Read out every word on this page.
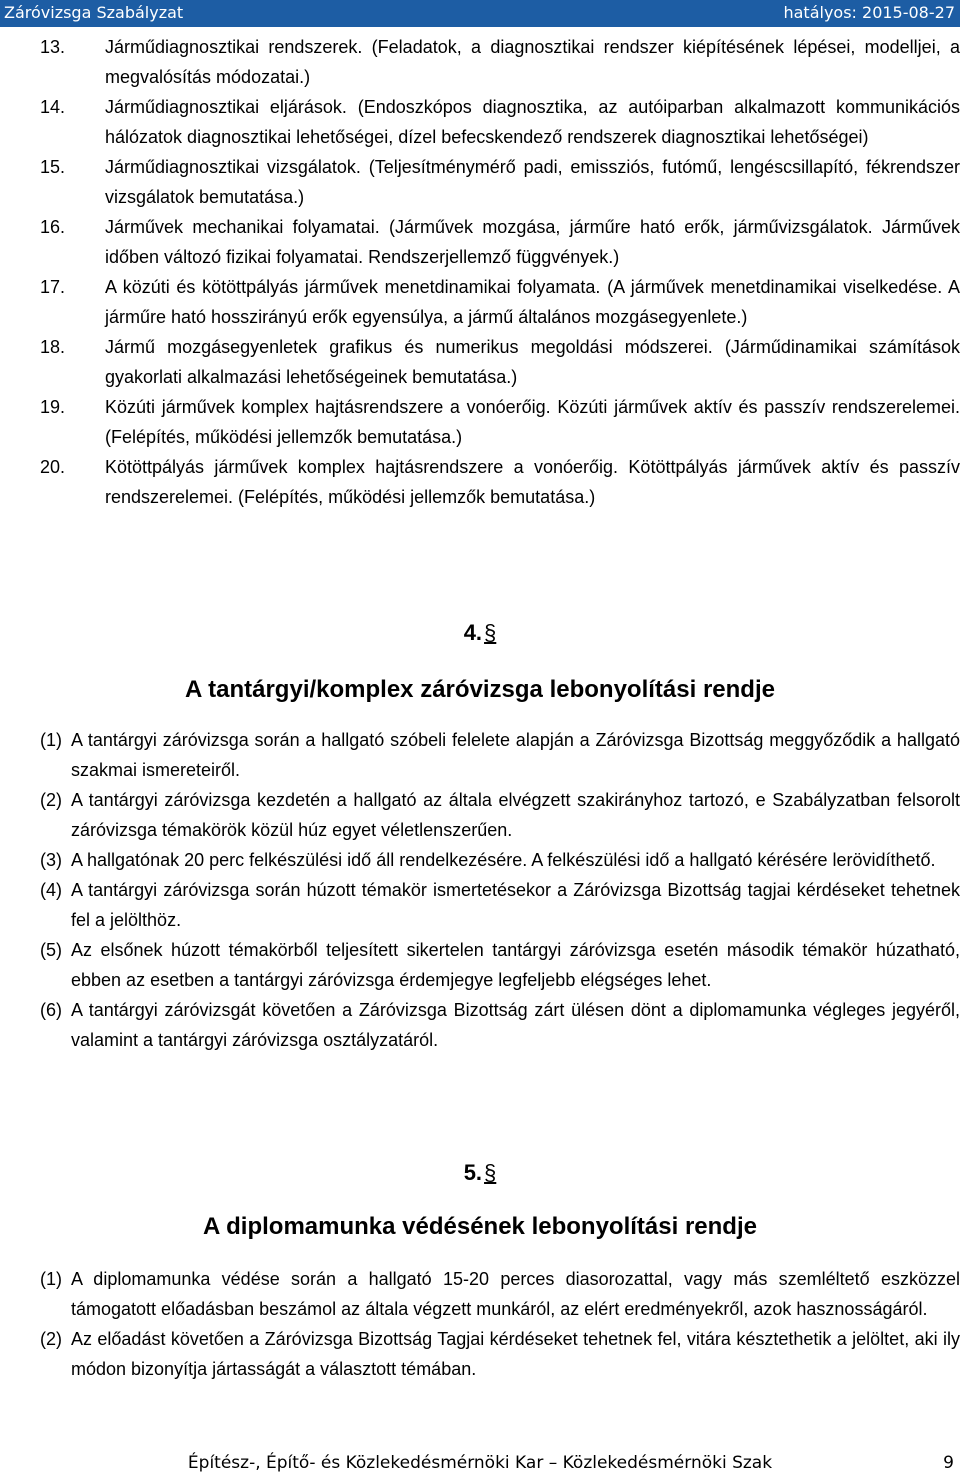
Záróvizsga Szabályzat	hatályos: 2015-08-27
13.	Járműdiagnosztikai rendszerek. (Feladatok, a diagnosztikai rendszer kiépítésének lépései, modelljei, a megvalósítás módozatai.)
14.	Járműdiagnosztikai eljárások. (Endoszkópos diagnosztika, az autóiparban alkalmazott kommunikációs hálózatok diagnosztikai lehetőségei, dízel befecskendező rendszerek diagnosztikai lehetőségei)
15.	Járműdiagnosztikai vizsgálatok. (Teljesítménymérő padi, emissziós, futómű, lengéscsillapító, fékrendszer vizsgálatok bemutatása.)
16.	Járművek mechanikai folyamatai. (Járművek mozgása, járműre ható erők, járművizsgálatok. Járművek időben változó fizikai folyamatai. Rendszerjellemző függvények.)
17.	A közúti és kötöttpályás járművek menetdinamikai folyamata. (A járművek menetdinamikai viselkedése. A járműre ható hosszirányú erők egyensúlya, a jármű általános mozgásegyenlete.)
18.	Jármű mozgásegyenletek grafikus és numerikus megoldási módszerei. (Járműdinamikai számítások gyakorlati alkalmazási lehetőségeinek bemutatása.)
19.	Közúti járművek komplex hajtásrendszere a vonóerőig. Közúti járművek aktív és passzív rendszerelemei. (Felépítés, működési jellemzők bemutatása.)
20.	Kötöttpályás járművek komplex hajtásrendszere a vonóerőig. Kötöttpályás járművek aktív és passzív rendszerelemei. (Felépítés, működési jellemzők bemutatása.)
4.§
A tantárgyi/komplex záróvizsga lebonyolítási rendje
(1) A tantárgyi záróvizsga során a hallgató szóbeli felelete alapján a Záróvizsga Bizottság meggyőződik a hallgató szakmai ismereteiről.
(2) A tantárgyi záróvizsga kezdetén a hallgató az általa elvégzett szakirányhoz tartozó, e Szabályzatban felsorolt záróvizsga témakörök közül húz egyet véletlenszerűen.
(3) A hallgatónak 20 perc felkészülési idő áll rendelkezésére. A felkészülési idő a hallgató kérésére lerövidíthető.
(4) A tantárgyi záróvizsga során húzott témakör ismertetésekor a Záróvizsga Bizottság tagjai kérdéseket tehetnek fel a jelölthöz.
(5) Az elsőnek húzott témakörből teljesített sikertelen tantárgyi záróvizsga esetén második témakör húzatható, ebben az esetben a tantárgyi záróvizsga érdemjegye legfeljebb elégséges lehet.
(6) A tantárgyi záróvizsgát követően a Záróvizsga Bizottság zárt ülésen dönt a diplomamunka végleges jegyéről, valamint a tantárgyi záróvizsga osztályzatáról.
5.§
A diplomamunka védésének lebonyolítási rendje
(1) A diplomamunka védése során a hallgató 15-20 perces diasorozattal, vagy más szemléltető eszközzel támogatott előadásban beszámol az általa végzett munkáról, az elért eredményekről, azok hasznosságáról.
(2) Az előadást követően a Záróvizsga Bizottság Tagjai kérdéseket tehetnek fel, vitára késztethetik a jelöltet, aki ily módon bizonyítja jártasságát a választott témában.
Építész-, Építő- és Közlekedésmérnöki Kar – Közlekedésmérnöki Szak	9
